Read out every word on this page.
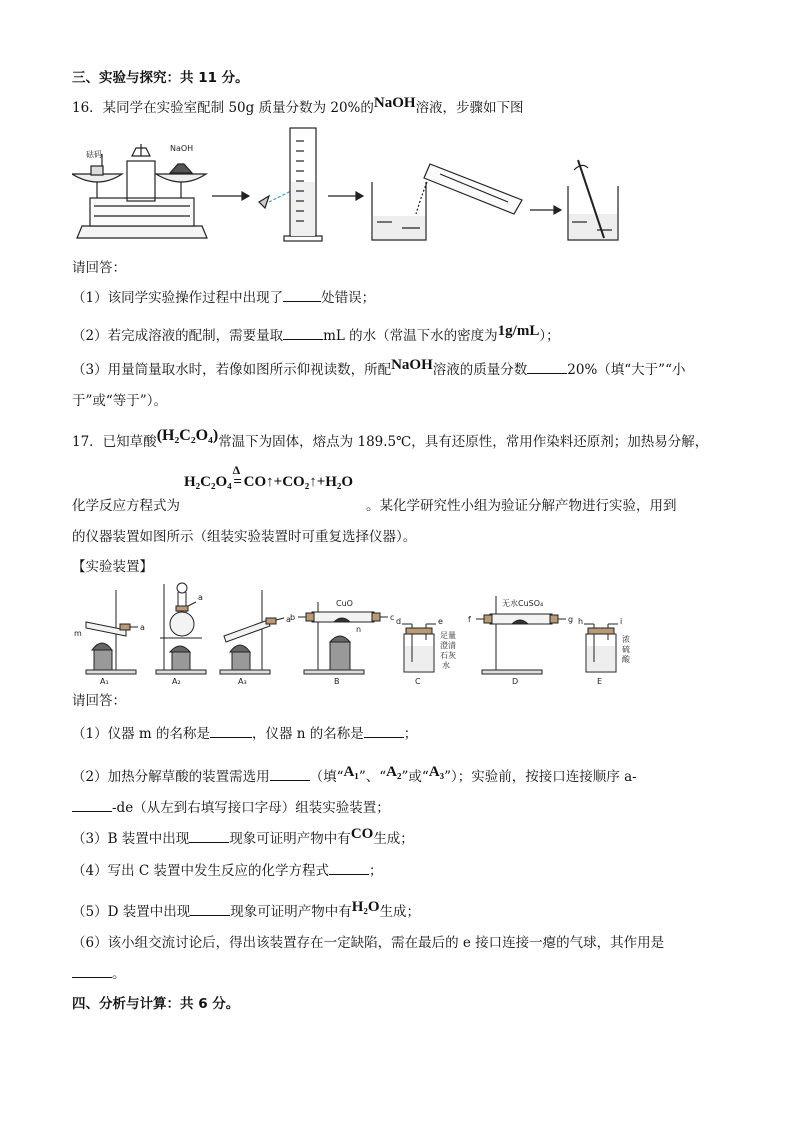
三、实验与探究：共 11 分。
16．某同学在实验室配制 50g 质量分数为 20%的NaOH溶液，步骤如下图
砝码
NaOH
请回答：
（1）该同学实验操作过程中出现了	处错误；
（2）若完成溶液的配制，需要量取	mL 的水（常温下水的密度为1g/mL）；
（3）用量筒量取水时，若像如图所示仰视读数，所配NaOH溶液的质量分数	20%（填“大于”“小
于”或“等于”）。
17．已知草酸(H₂C₂O₄)常温下为固体，熔点为 189.5℃，具有还原性，常用作染料还原剂；加热易分解，
H₂C₂O₄
Δ
= CO↑+CO₂↑+H₂O
化学反应方程式为	。某化学研究性小组为验证分解产物进行实验，用到
的仪器装置如图所示（组装实验装置时可重复选择仪器）。
【实验装置】
m
a
A₁
a
A₂
a
A₃
b	c
CuO
n
B
d	e
足量
澄清
石灰
水
C
f	g
无水CuSO₄
D
h	i
浓
硫
酸
E
请回答：
（1）仪器 m 的名称是	，仪器 n 的名称是	；
（2）加热分解草酸的装置需选用	（填“A₁”、“A₂”或“A₃”）；实验前，按接口连接顺序 a-
-de（从左到右填写接口字母）组装实验装置；
（3）B 装置中出现	现象可证明产物中有CO生成；
（4）写出 C 装置中发生反应的化学方程式	；
（5）D 装置中出现	现象可证明产物中有H₂O生成；
（6）该小组交流讨论后，得出该装置存在一定缺陷，需在最后的 e 接口连接一瘪的气球，其作用是
。
四、分析与计算：共 6 分。
